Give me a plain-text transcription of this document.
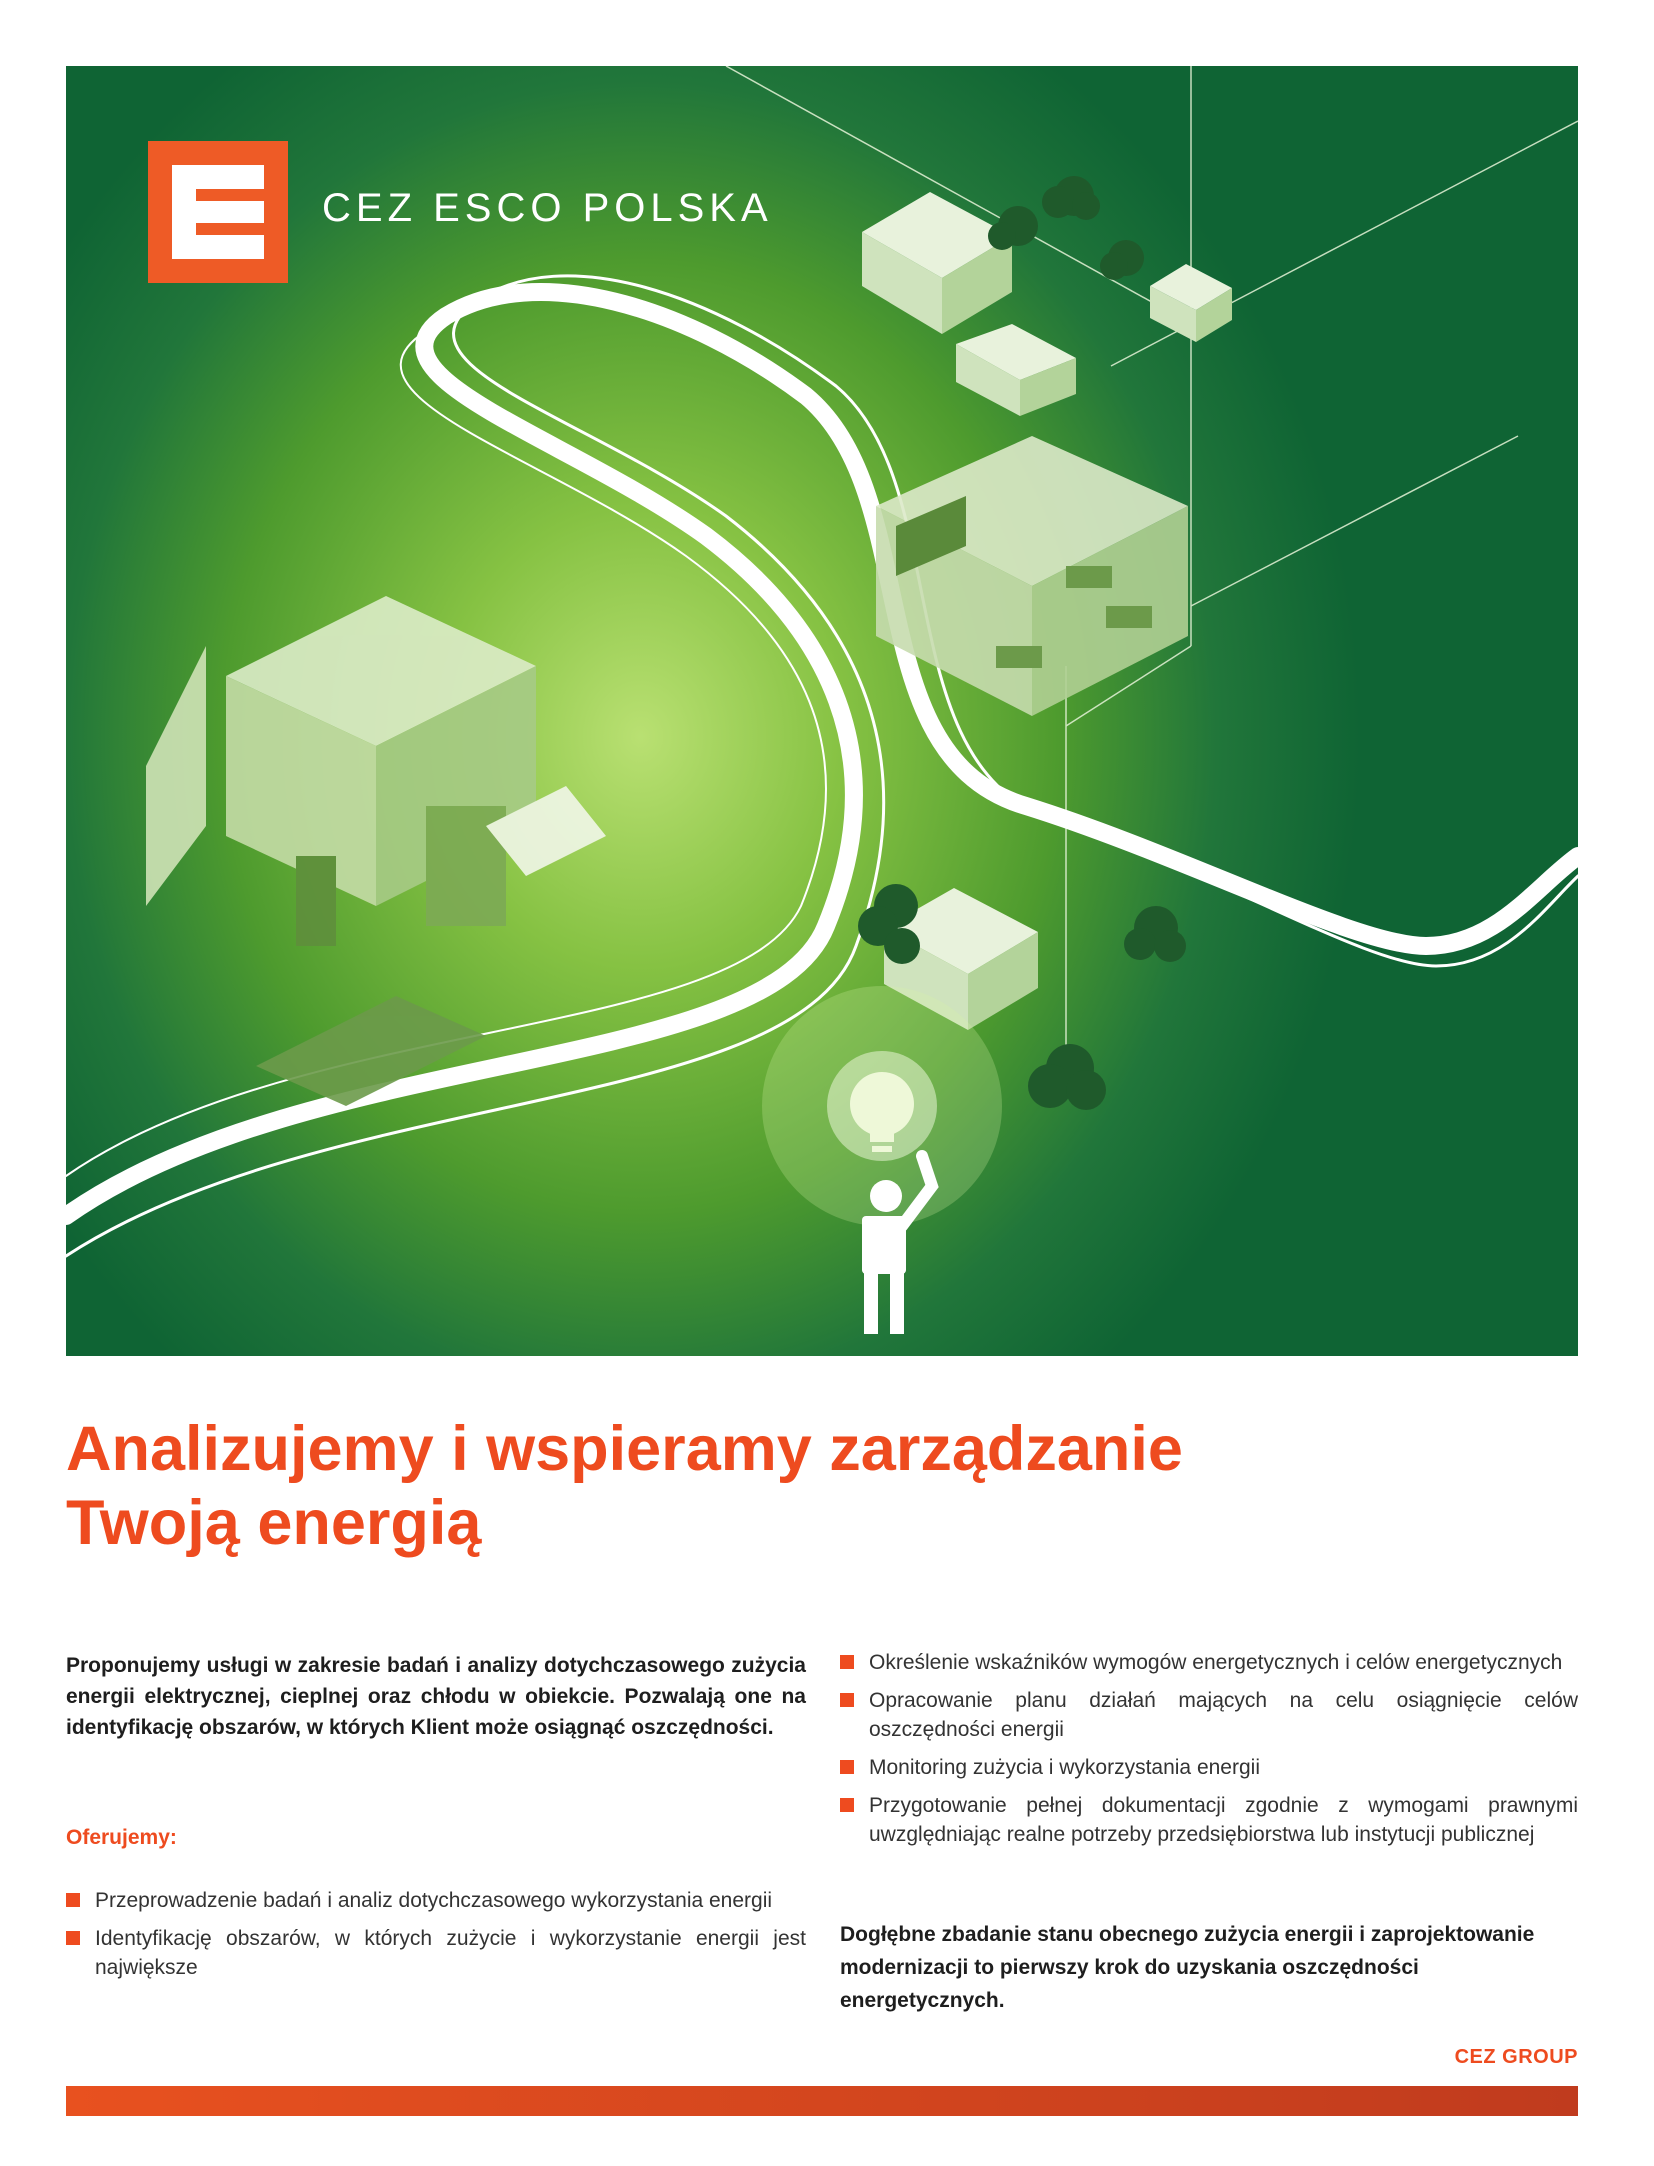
CEZ ESCO POLSKA
Analizujemy i wspieramy zarządzanie
Twoją energią

Proponujemy usługi w zakresie badań i analizy dotychczasowego zużycia energii elektrycznej, cieplnej oraz chłodu w obiekcie. Pozwalają one na identyfikację obszarów, w których Klient może osiągnąć oszczędności.

Oferujemy:
Przeprowadzenie badań i analiz dotychczasowego wykorzystania energii
Identyfikację obszarów, w których zużycie i wykorzystanie energii jest największe
Określenie wskaźników wymogów energetycznych i celów energetycznych
Opracowanie planu działań mających na celu osiągnięcie celów oszczędności energii
Monitoring zużycia i wykorzystania energii
Przygotowanie pełnej dokumentacji zgodnie z wymogami prawnymi uwzględniając realne potrzeby przedsiębiorstwa lub instytucji publicznej
Dogłębne zbadanie stanu obecnego zużycia energii i zaprojektowanie modernizacji to pierwszy krok do uzyskania oszczędności energetycznych.
CEZ GROUP
